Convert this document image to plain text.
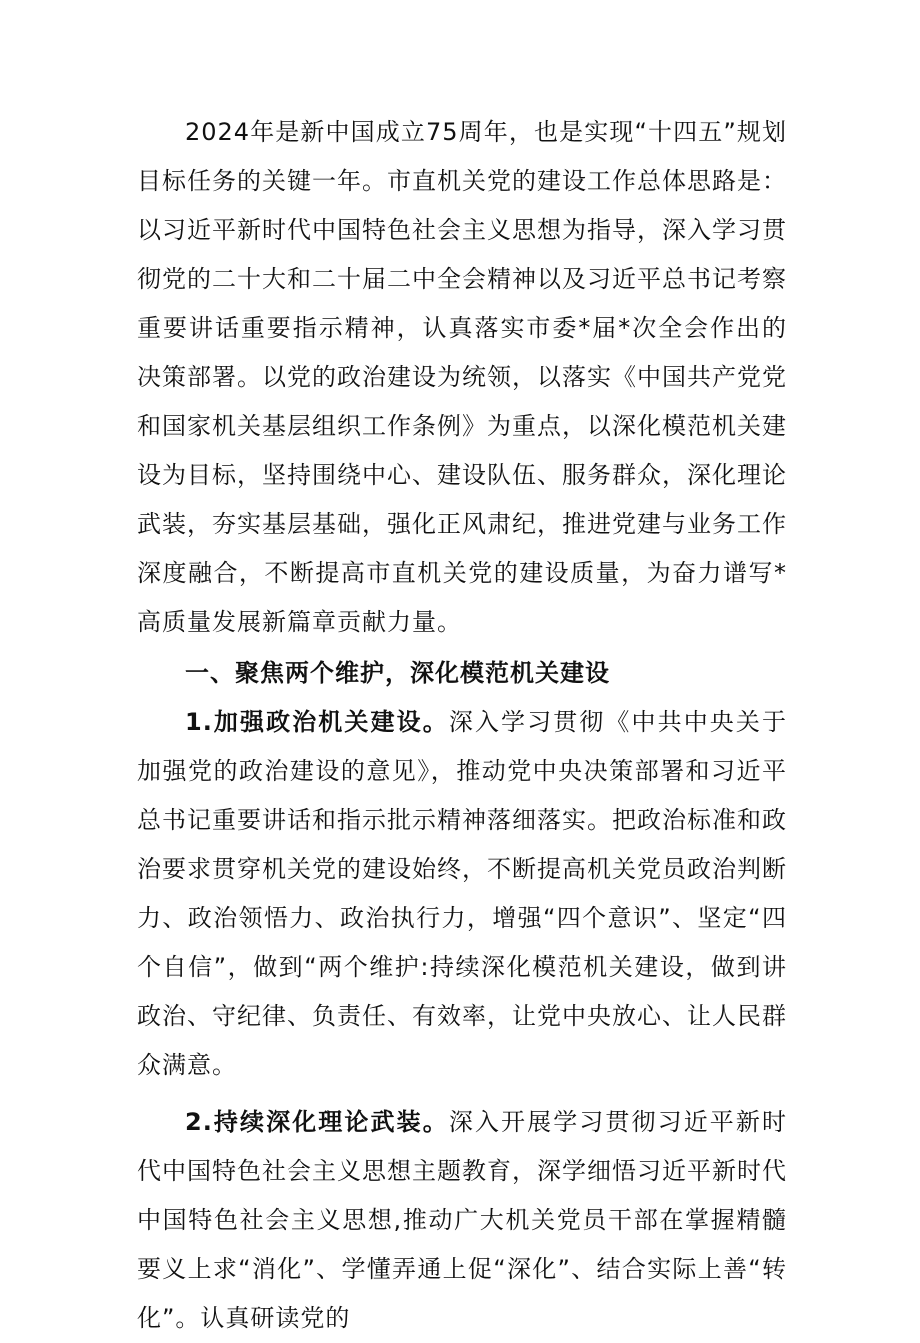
2024年是新中国成立75周年，也是实现“十四五”规划目标任务的关键一年。市直机关党的建设工作总体思路是：以习近平新时代中国特色社会主义思想为指导，深入学习贯彻党的二十大和二十届二中全会精神以及习近平总书记考察重要讲话重要指示精神，认真落实市委*届*次全会作出的决策部署。以党的政治建设为统领，以落实《中国共产党党和国家机关基层组织工作条例》为重点，以深化模范机关建设为目标，坚持围绕中心、建设队伍、服务群众，深化理论武装，夯实基层基础，强化正风肃纪，推进党建与业务工作深度融合，不断提高市直机关党的建设质量，为奋力谱写*高质量发展新篇章贡献力量。

一、聚焦两个维护，深化模范机关建设

1.加强政治机关建设。深入学习贯彻《中共中央关于加强党的政治建设的意见》，推动党中央决策部署和习近平总书记重要讲话和指示批示精神落细落实。把政治标准和政治要求贯穿机关党的建设始终，不断提高机关党员政治判断力、政治领悟力、政治执行力，增强“四个意识”、坚定“四个自信”，做到“两个维护:持续深化模范机关建设，做到讲政治、守纪律、负责任、有效率，让党中央放心、让人民群众满意。

2.持续深化理论武装。深入开展学习贯彻习近平新时代中国特色社会主义思想主题教育，深学细悟习近平新时代中国特色社会主义思想,推动广大机关党员干部在掌握精髓要义上求“消化”、学懂弄通上促“深化”、结合实际上善“转化”。认真研读党的
